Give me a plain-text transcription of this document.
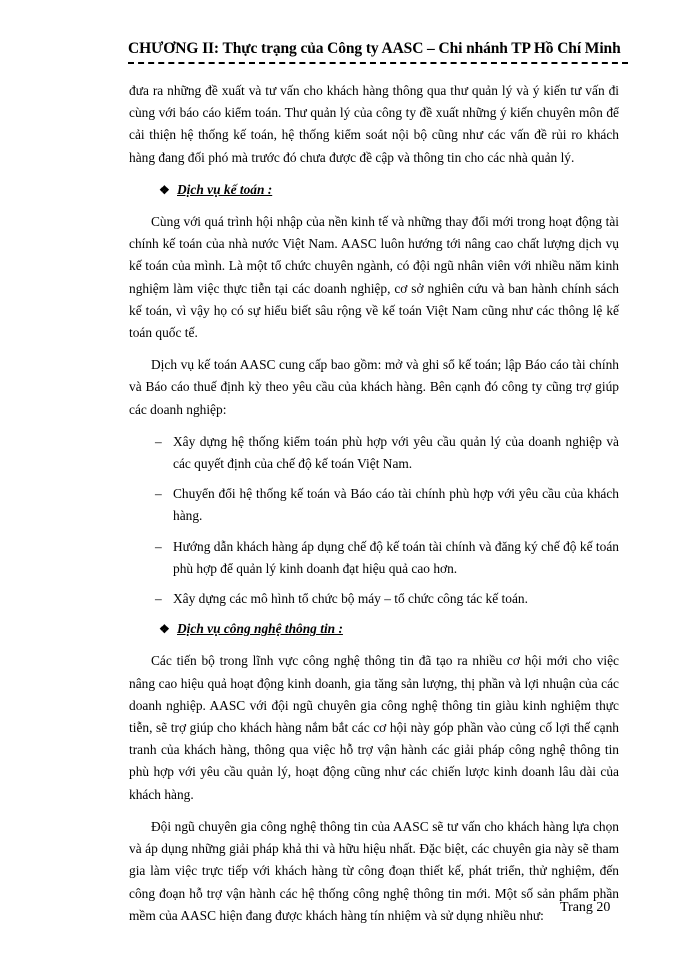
CHƯƠNG II: Thực trạng của Công ty AASC – Chi nhánh TP Hồ Chí Minh

đưa ra những đề xuất và tư vấn cho khách hàng thông qua thư quản lý và ý kiến tư vấn đi cùng với báo cáo kiểm toán. Thư quản lý của công ty đề xuất những ý kiến chuyên môn để cải thiện hệ thống kế toán, hệ thống kiểm soát nội bộ cũng như các vấn đề rủi ro khách hàng đang đối phó mà trước đó chưa được đề cập và thông tin cho các nhà quản lý.

❖ Dịch vụ kế toán :

Cùng với quá trình hội nhập của nền kinh tế và những thay đổi mới trong hoạt động tài chính kế toán của nhà nước Việt Nam. AASC luôn hướng tới nâng cao chất lượng dịch vụ kế toán của mình. Là một tổ chức chuyên ngành, có đội ngũ nhân viên với nhiều năm kinh nghiệm làm việc thực tiễn tại các doanh nghiệp, cơ sở nghiên cứu và ban hành chính sách kế toán, vì vậy họ có sự hiểu biết sâu rộng về kế toán Việt Nam cũng như các thông lệ kế toán quốc tế.

Dịch vụ kế toán AASC cung cấp bao gồm: mở và ghi sổ kế toán; lập Báo cáo tài chính và Báo cáo thuế định kỳ theo yêu cầu của khách hàng. Bên cạnh đó công ty cũng trợ giúp các doanh nghiệp:

– Xây dựng hệ thống kiểm toán phù hợp với yêu cầu quản lý của doanh nghiệp và các quyết định của chế độ kế toán Việt Nam.
– Chuyển đổi hệ thống kế toán và Báo cáo tài chính phù hợp với yêu cầu của khách hàng.
– Hướng dẫn khách hàng áp dụng chế độ kế toán tài chính và đăng ký chế độ kế toán phù hợp để quản lý kinh doanh đạt hiệu quả cao hơn.
– Xây dựng các mô hình tổ chức bộ máy – tổ chức công tác kế toán.
❖ Dịch vụ công nghệ thông tin :

Các tiến bộ trong lĩnh vực công nghệ thông tin đã tạo ra nhiều cơ hội mới cho việc nâng cao hiệu quả hoạt động kinh doanh, gia tăng sản lượng, thị phần và lợi nhuận của các doanh nghiệp. AASC với đội ngũ chuyên gia công nghệ thông tin giàu kinh nghiệm thực tiễn, sẽ trợ giúp cho khách hàng nắm bắt các cơ hội này góp phần vào củng cố lợi thế cạnh tranh của khách hàng, thông qua việc hỗ trợ vận hành các giải pháp công nghệ thông tin phù hợp với yêu cầu quản lý, hoạt động cũng như các chiến lược kinh doanh lâu dài của khách hàng.

Đội ngũ chuyên gia công nghệ thông tin của AASC sẽ tư vấn cho khách hàng lựa chọn và áp dụng những giải pháp khả thi và hữu hiệu nhất. Đặc biệt, các chuyên gia này sẽ tham gia làm việc trực tiếp với khách hàng từ công đoạn thiết kế, phát triển, thử nghiệm, đến công đoạn hỗ trợ vận hành các hệ thống công nghệ thông tin mới. Một số sản phẩm phần mềm của AASC hiện đang được khách hàng tín nhiệm và sử dụng nhiều như:

Trang 20
